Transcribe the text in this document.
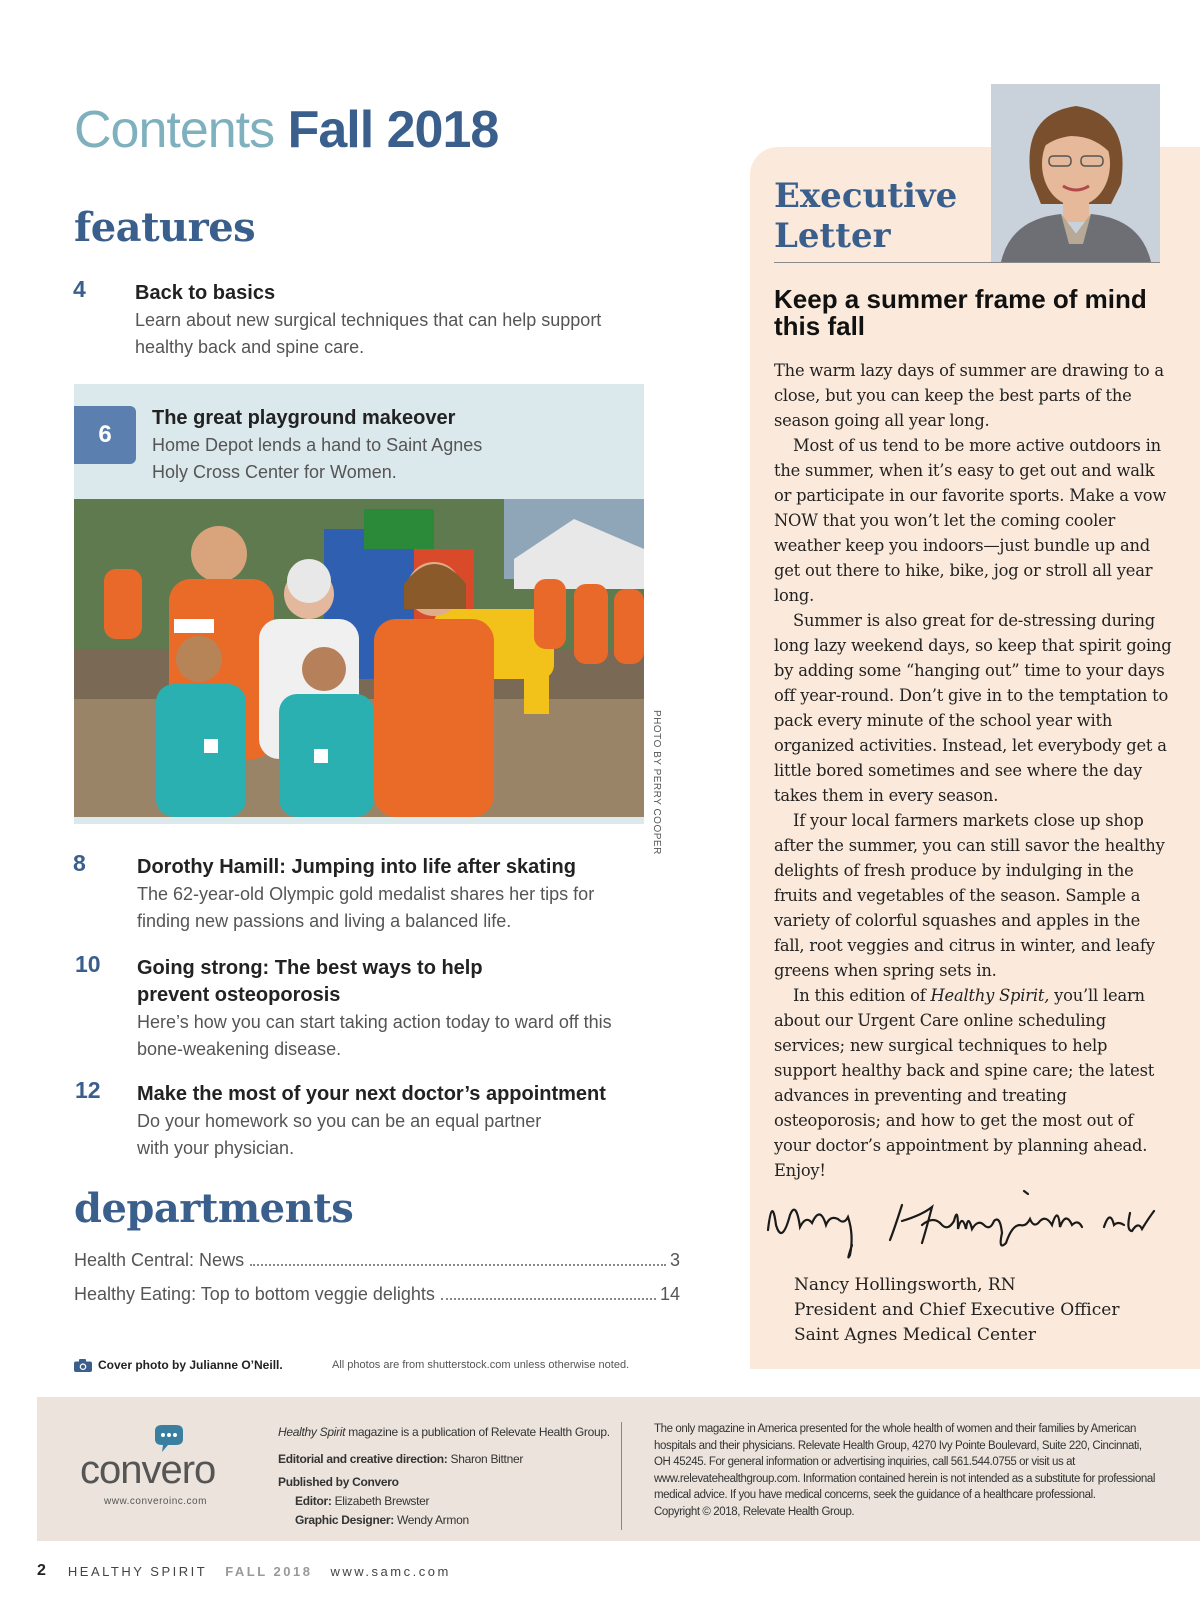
Contents Fall 2018
features
4 Back to basics
Learn about new surgical techniques that can help support healthy back and spine care.
6
The great playground makeover
Home Depot lends a hand to Saint Agnes Holy Cross Center for Women.
PHOTO BY PERRY COOPER
8	Dorothy Hamill: Jumping into life after skating
The 62-year-old Olympic gold medalist shares her tips for finding new passions and living a balanced life.
10 Going strong: The best ways to help
prevent osteoporosis
Here’s how you can start taking action today to ward off this bone-weakening disease.
12 Make the most of your next doctor’s appointment
Do your homework so you can be an equal partner with your physician.
departments
Health Central: News	3
Healthy Eating: Top to bottom veggie delights	14
Cover photo by Julianne O’Neill.	All photos are from shutterstock.com unless otherwise noted.
Executive
Letter
Keep a summer frame of mind this fall

The warm lazy days of summer are drawing to a close, but you can keep the best parts of the season going all year long.

Most of us tend to be more active outdoors in the summer, when it’s easy to get out and walk or participate in our favorite sports. Make a vow NOW that you won’t let the coming cooler weather keep you indoors—just bundle up and get out there to hike, bike, jog or stroll all year long.

Summer is also great for de-stressing during long lazy weekend days, so keep that spirit going by adding some “hanging out” time to your days off year-round. Don’t give in to the temptation to pack every minute of the school year with organized activities. Instead, let everybody get a little bored sometimes and see where the day takes them in every season.

If your local farmers markets close up shop after the summer, you can still savor the healthy delights of fresh produce by indulging in the fruits and vegetables of the season. Sample a variety of colorful squashes and apples in the fall, root veggies and citrus in winter, and leafy greens when spring sets in.

In this edition of Healthy Spirit, you’ll learn about our Urgent Care online scheduling services; new surgical techniques to help support healthy back and spine care; the latest advances in preventing and treating osteoporosis; and how to get the most out of your doctor’s appointment by planning ahead. Enjoy!

Nancy Hollingsworth, RN
President and Chief Executive Officer
Saint Agnes Medical Center
convero
www.converoinc.com
Healthy Spirit magazine is a publication of Relevate Health Group.
Editorial and creative direction: Sharon Bittner
Published by Convero
Editor: Elizabeth Brewster
Graphic Designer: Wendy Armon
The only magazine in America presented for the whole health of women and their families by American hospitals and their physicians. Relevate Health Group, 4270 Ivy Pointe Boulevard, Suite 220, Cincinnati, OH 45245. For general information or advertising inquiries, call 561.544.0755 or visit us at www.relevatehealthgroup.com. Information contained herein is not intended as a substitute for professional medical advice. If you have medical concerns, seek the guidance of a healthcare professional.
Copyright © 2018, Relevate Health Group.
2 HEALTHY SPIRIT FALL 2018 www.samc.com
